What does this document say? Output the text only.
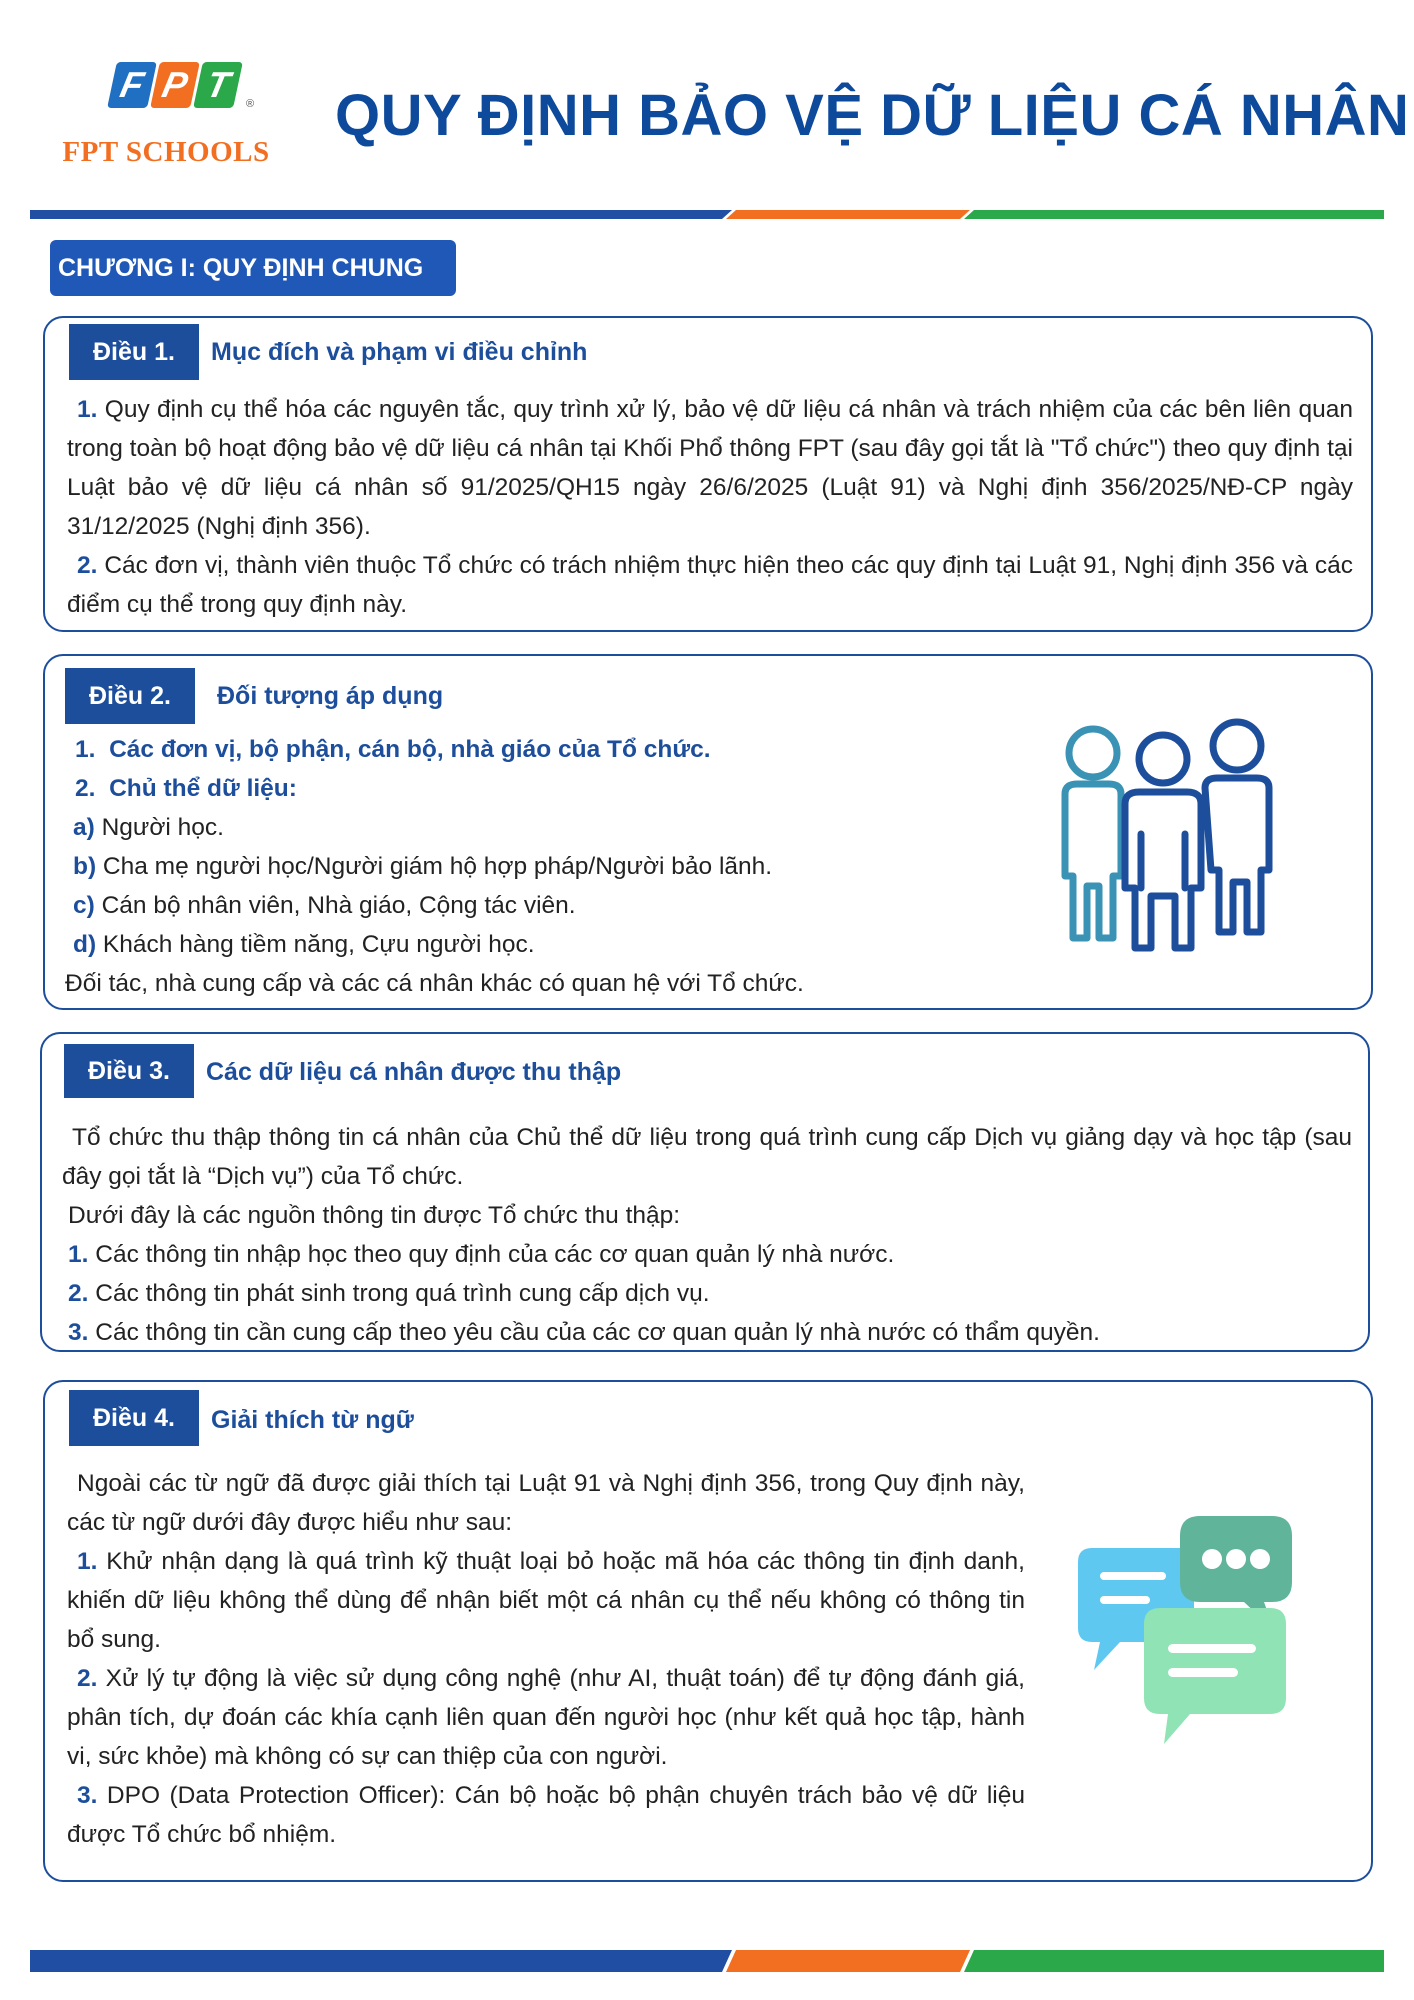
F P T	®
FPT SCHOOLS
QUY ĐỊNH BẢO VỆ DỮ LIỆU CÁ NHÂN
CHƯƠNG I: QUY ĐỊNH CHUNG
Điều 1.	Mục đích và phạm vi điều chỉnh

1. Quy định cụ thể hóa các nguyên tắc, quy trình xử lý, bảo vệ dữ liệu cá nhân và trách nhiệm của các bên liên quan trong toàn bộ hoạt động bảo vệ dữ liệu cá nhân tại Khối Phổ thông FPT (sau đây gọi tắt là "Tổ chức") theo quy định tại Luật bảo vệ dữ liệu cá nhân số 91/2025/QH15 ngày 26/6/2025 (Luật 91) và Nghị định 356/2025/NĐ-CP ngày 31/12/2025 (Nghị định 356).

2. Các đơn vị, thành viên thuộc Tổ chức có trách nhiệm thực hiện theo các quy định tại Luật 91, Nghị định 356 và các điểm cụ thể trong quy định này.

Điều 2.	Đối tượng áp dụng

1. Các đơn vị, bộ phận, cán bộ, nhà giáo của Tổ chức.

2. Chủ thể dữ liệu:

a) Người học.

b) Cha mẹ người học/Người giám hộ hợp pháp/Người bảo lãnh.

c) Cán bộ nhân viên, Nhà giáo, Cộng tác viên.

d) Khách hàng tiềm năng, Cựu người học.

Đối tác, nhà cung cấp và các cá nhân khác có quan hệ với Tổ chức.

Điều 3.	Các dữ liệu cá nhân được thu thập

Tổ chức thu thập thông tin cá nhân của Chủ thể dữ liệu trong quá trình cung cấp Dịch vụ giảng dạy và học tập (sau đây gọi tắt là “Dịch vụ”) của Tổ chức.

Dưới đây là các nguồn thông tin được Tổ chức thu thập:

1. Các thông tin nhập học theo quy định của các cơ quan quản lý nhà nước.

2. Các thông tin phát sinh trong quá trình cung cấp dịch vụ.

3. Các thông tin cần cung cấp theo yêu cầu của các cơ quan quản lý nhà nước có thẩm quyền.

Điều 4.	Giải thích từ ngữ

Ngoài các từ ngữ đã được giải thích tại Luật 91 và Nghị định 356, trong Quy định này, các từ ngữ dưới đây được hiểu như sau:

1. Khử nhận dạng là quá trình kỹ thuật loại bỏ hoặc mã hóa các thông tin định danh, khiến dữ liệu không thể dùng để nhận biết một cá nhân cụ thể nếu không có thông tin bổ sung.

2. Xử lý tự động là việc sử dụng công nghệ (như AI, thuật toán) để tự động đánh giá, phân tích, dự đoán các khía cạnh liên quan đến người học (như kết quả học tập, hành vi, sức khỏe) mà không có sự can thiệp của con người.

3. DPO (Data Protection Officer): Cán bộ hoặc bộ phận chuyên trách bảo vệ dữ liệu được Tổ chức bổ nhiệm.
